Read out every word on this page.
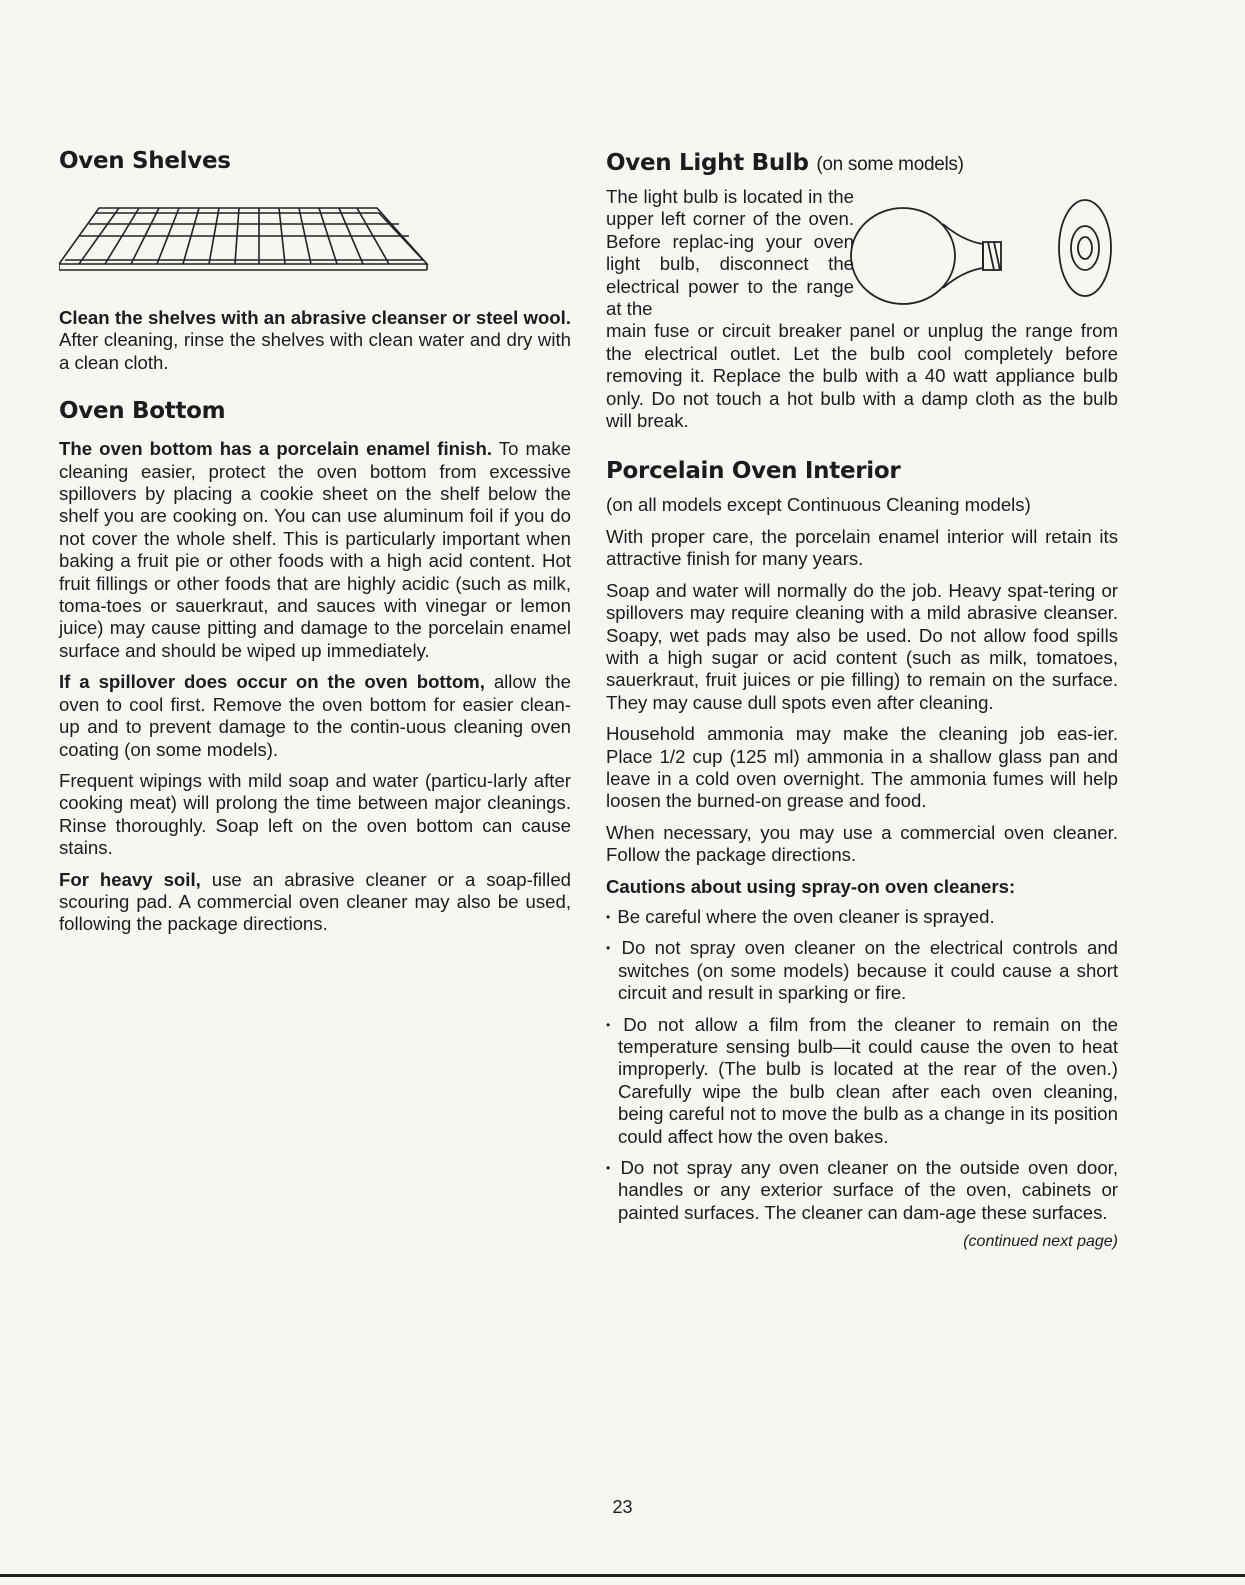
Oven Shelves

Clean the shelves with an abrasive cleanser or steel wool. After cleaning, rinse the shelves with clean water and dry with a clean cloth.

Oven Bottom

The oven bottom has a porcelain enamel finish. To make cleaning easier, protect the oven bottom from excessive spillovers by placing a cookie sheet on the shelf below the shelf you are cooking on. You can use aluminum foil if you do not cover the whole shelf. This is particularly important when baking a fruit pie or other foods with a high acid content. Hot fruit fillings or other foods that are highly acidic (such as milk, toma-toes or sauerkraut, and sauces with vinegar or lemon juice) may cause pitting and damage to the porcelain enamel surface and should be wiped up immediately.

If a spillover does occur on the oven bottom, allow the oven to cool first. Remove the oven bottom for easier clean-up and to prevent damage to the contin-uous cleaning oven coating (on some models).

Frequent wipings with mild soap and water (particu-larly after cooking meat) will prolong the time between major cleanings. Rinse thoroughly. Soap left on the oven bottom can cause stains.

For heavy soil, use an abrasive cleaner or a soap-filled scouring pad. A commercial oven cleaner may also be used, following the package directions.

Oven Light Bulb (on some models)

The light bulb is located in the upper left corner of the oven. Before replac-ing your oven light bulb, disconnect the electrical power to the range at the

main fuse or circuit breaker panel or unplug the range from the electrical outlet. Let the bulb cool completely before removing it. Replace the bulb with a 40 watt appliance bulb only. Do not touch a hot bulb with a damp cloth as the bulb will break.

Porcelain Oven Interior

(on all models except Continuous Cleaning models)

With proper care, the porcelain enamel interior will retain its attractive finish for many years.

Soap and water will normally do the job. Heavy spat-tering or spillovers may require cleaning with a mild abrasive cleanser. Soapy, wet pads may also be used. Do not allow food spills with a high sugar or acid content (such as milk, tomatoes, sauerkraut, fruit juices or pie filling) to remain on the surface. They may cause dull spots even after cleaning.

Household ammonia may make the cleaning job eas-ier. Place 1/2 cup (125 ml) ammonia in a shallow glass pan and leave in a cold oven overnight. The ammonia fumes will help loosen the burned-on grease and food.

When necessary, you may use a commercial oven cleaner. Follow the package directions.

Cautions about using spray-on oven cleaners:

• Be careful where the oven cleaner is sprayed.
• Do not spray oven cleaner on the electrical controls and switches (on some models) because it could cause a short circuit and result in sparking or fire.
• Do not allow a film from the cleaner to remain on the temperature sensing bulb—it could cause the oven to heat improperly. (The bulb is located at the rear of the oven.) Carefully wipe the bulb clean after each oven cleaning, being careful not to move the bulb as a change in its position could affect how the oven bakes.
• Do not spray any oven cleaner on the outside oven door, handles or any exterior surface of the oven, cabinets or painted surfaces. The cleaner can dam-age these surfaces.
(continued next page)
23
